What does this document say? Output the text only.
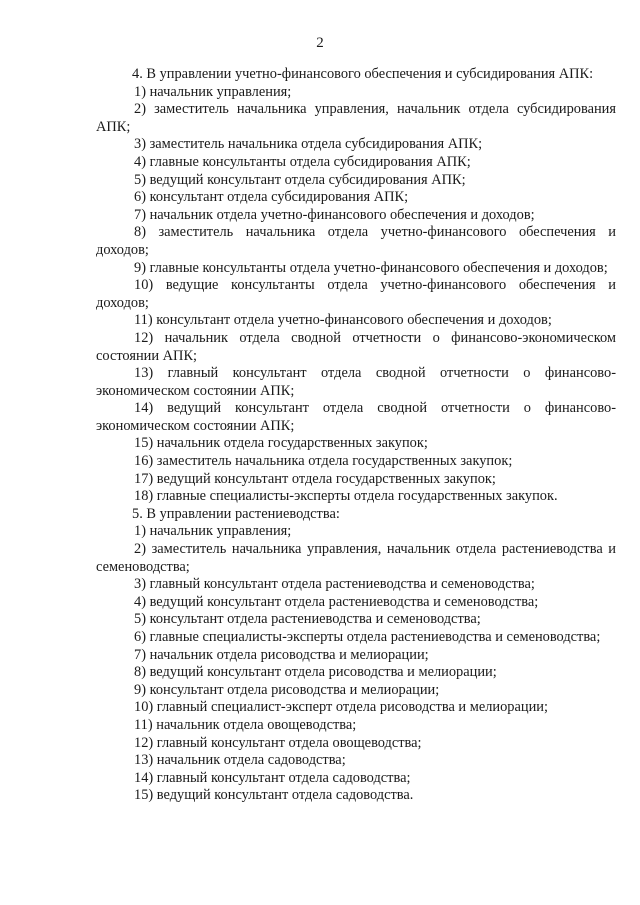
2

4. В управлении учетно-финансового обеспечения и субсидирования АПК:

1) начальник управления;

2) заместитель начальника управления, начальник отдела субсидирования АПК;

3) заместитель начальника отдела субсидирования АПК;

4) главные консультанты отдела субсидирования АПК;

5) ведущий консультант отдела субсидирования АПК;

6) консультант отдела субсидирования АПК;

7) начальник отдела учетно-финансового обеспечения и доходов;

8) заместитель начальника отдела учетно-финансового обеспечения и доходов;

9) главные консультанты отдела учетно-финансового обеспечения и доходов;

10) ведущие консультанты отдела учетно-финансового обеспечения и доходов;

11) консультант отдела учетно-финансового обеспечения и доходов;

12) начальник отдела сводной отчетности о финансово-экономическом состоянии АПК;

13) главный консультант отдела сводной отчетности о финансово-экономическом состоянии АПК;

14) ведущий консультант отдела сводной отчетности о финансово-экономическом состоянии АПК;

15) начальник отдела государственных закупок;

16) заместитель начальника отдела государственных закупок;

17) ведущий консультант отдела государственных закупок;

18) главные специалисты-эксперты отдела государственных закупок.

5. В управлении растениеводства:

1) начальник управления;

2) заместитель начальника управления, начальник отдела растениеводства и семеноводства;

3) главный консультант отдела растениеводства и семеноводства;

4) ведущий консультант отдела растениеводства и семеноводства;

5) консультант отдела растениеводства и семеноводства;

6) главные специалисты-эксперты отдела растениеводства и семеноводства;

7) начальник отдела рисоводства и мелиорации;

8) ведущий консультант отдела рисоводства и мелиорации;

9) консультант отдела рисоводства и мелиорации;

10) главный специалист-эксперт отдела рисоводства и мелиорации;

11) начальник отдела овощеводства;

12) главный консультант отдела овощеводства;

13) начальник отдела садоводства;

14) главный консультант отдела садоводства;

15) ведущий консультант отдела садоводства.
